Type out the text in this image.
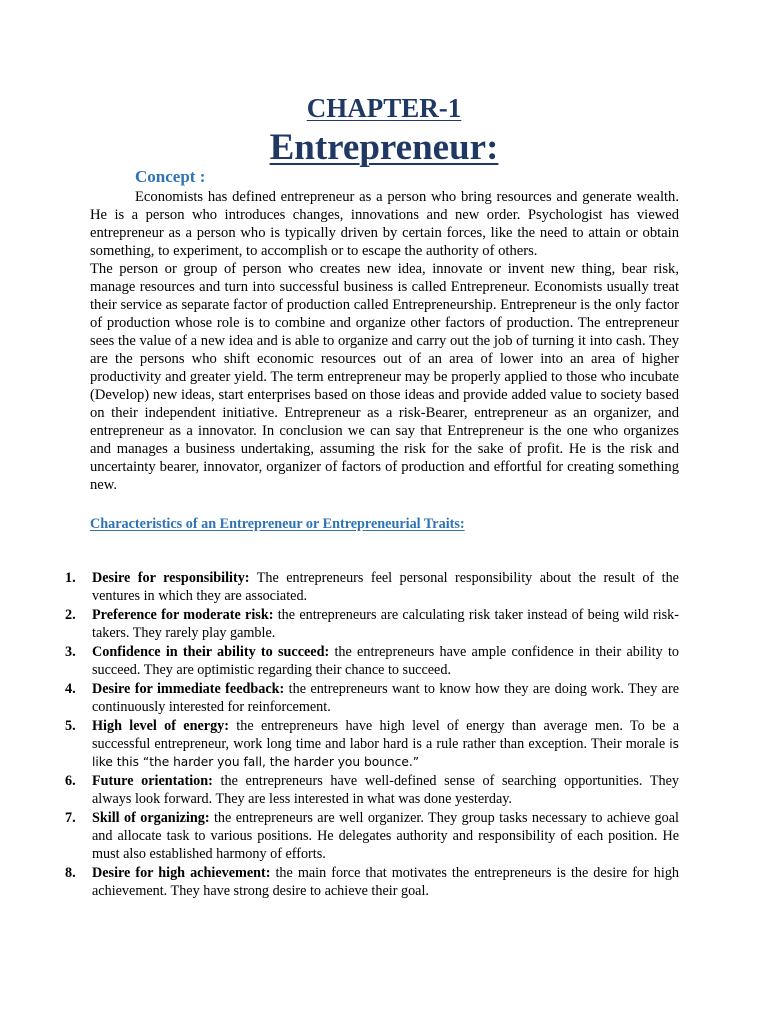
CHAPTER-1
Entrepreneur:
Concept :

Economists has defined entrepreneur as a person who bring resources and generate wealth. He is a person who introduces changes, innovations and new order. Psychologist has viewed entrepreneur as a person who is typically driven by certain forces, like the need to attain or obtain something, to experiment, to accomplish or to escape the authority of others.

The person or group of person who creates new idea, innovate or invent new thing, bear risk, manage resources and turn into successful business is called Entrepreneur. Economists usually treat their service as separate factor of production called Entrepreneurship. Entrepreneur is the only factor of production whose role is to combine and organize other factors of production. The entrepreneur sees the value of a new idea and is able to organize and carry out the job of turning it into cash. They are the persons who shift economic resources out of an area of lower into an area of higher productivity and greater yield. The term entrepreneur may be properly applied to those who incubate (Develop) new ideas, start enterprises based on those ideas and provide added value to society based on their independent initiative. Entrepreneur as a risk-Bearer, entrepreneur as an organizer, and entrepreneur as a innovator. In conclusion we can say that Entrepreneur is the one who organizes and manages a business undertaking, assuming the risk for the sake of profit. He is the risk and uncertainty bearer, innovator, organizer of factors of production and effortful for creating something new.

Characteristics of an Entrepreneur or Entrepreneurial Traits:
1. Desire for responsibility: The entrepreneurs feel personal responsibility about the result of the ventures in which they are associated.
2. Preference for moderate risk: the entrepreneurs are calculating risk taker instead of being wild risk-takers. They rarely play gamble.
3. Confidence in their ability to succeed: the entrepreneurs have ample confidence in their ability to succeed. They are optimistic regarding their chance to succeed.
4. Desire for immediate feedback: the entrepreneurs want to know how they are doing work. They are continuously interested for reinforcement.
5. High level of energy: the entrepreneurs have high level of energy than average men. To be a successful entrepreneur, work long time and labor hard is a rule rather than exception. Their morale is like this “the harder you fall, the harder you bounce.”
6. Future orientation: the entrepreneurs have well-defined sense of searching opportunities. They always look forward. They are less interested in what was done yesterday.
7. Skill of organizing: the entrepreneurs are well organizer. They group tasks necessary to achieve goal and allocate task to various positions. He delegates authority and responsibility of each position. He must also established harmony of efforts.
8. Desire for high achievement: the main force that motivates the entrepreneurs is the desire for high achievement. They have strong desire to achieve their goal.
